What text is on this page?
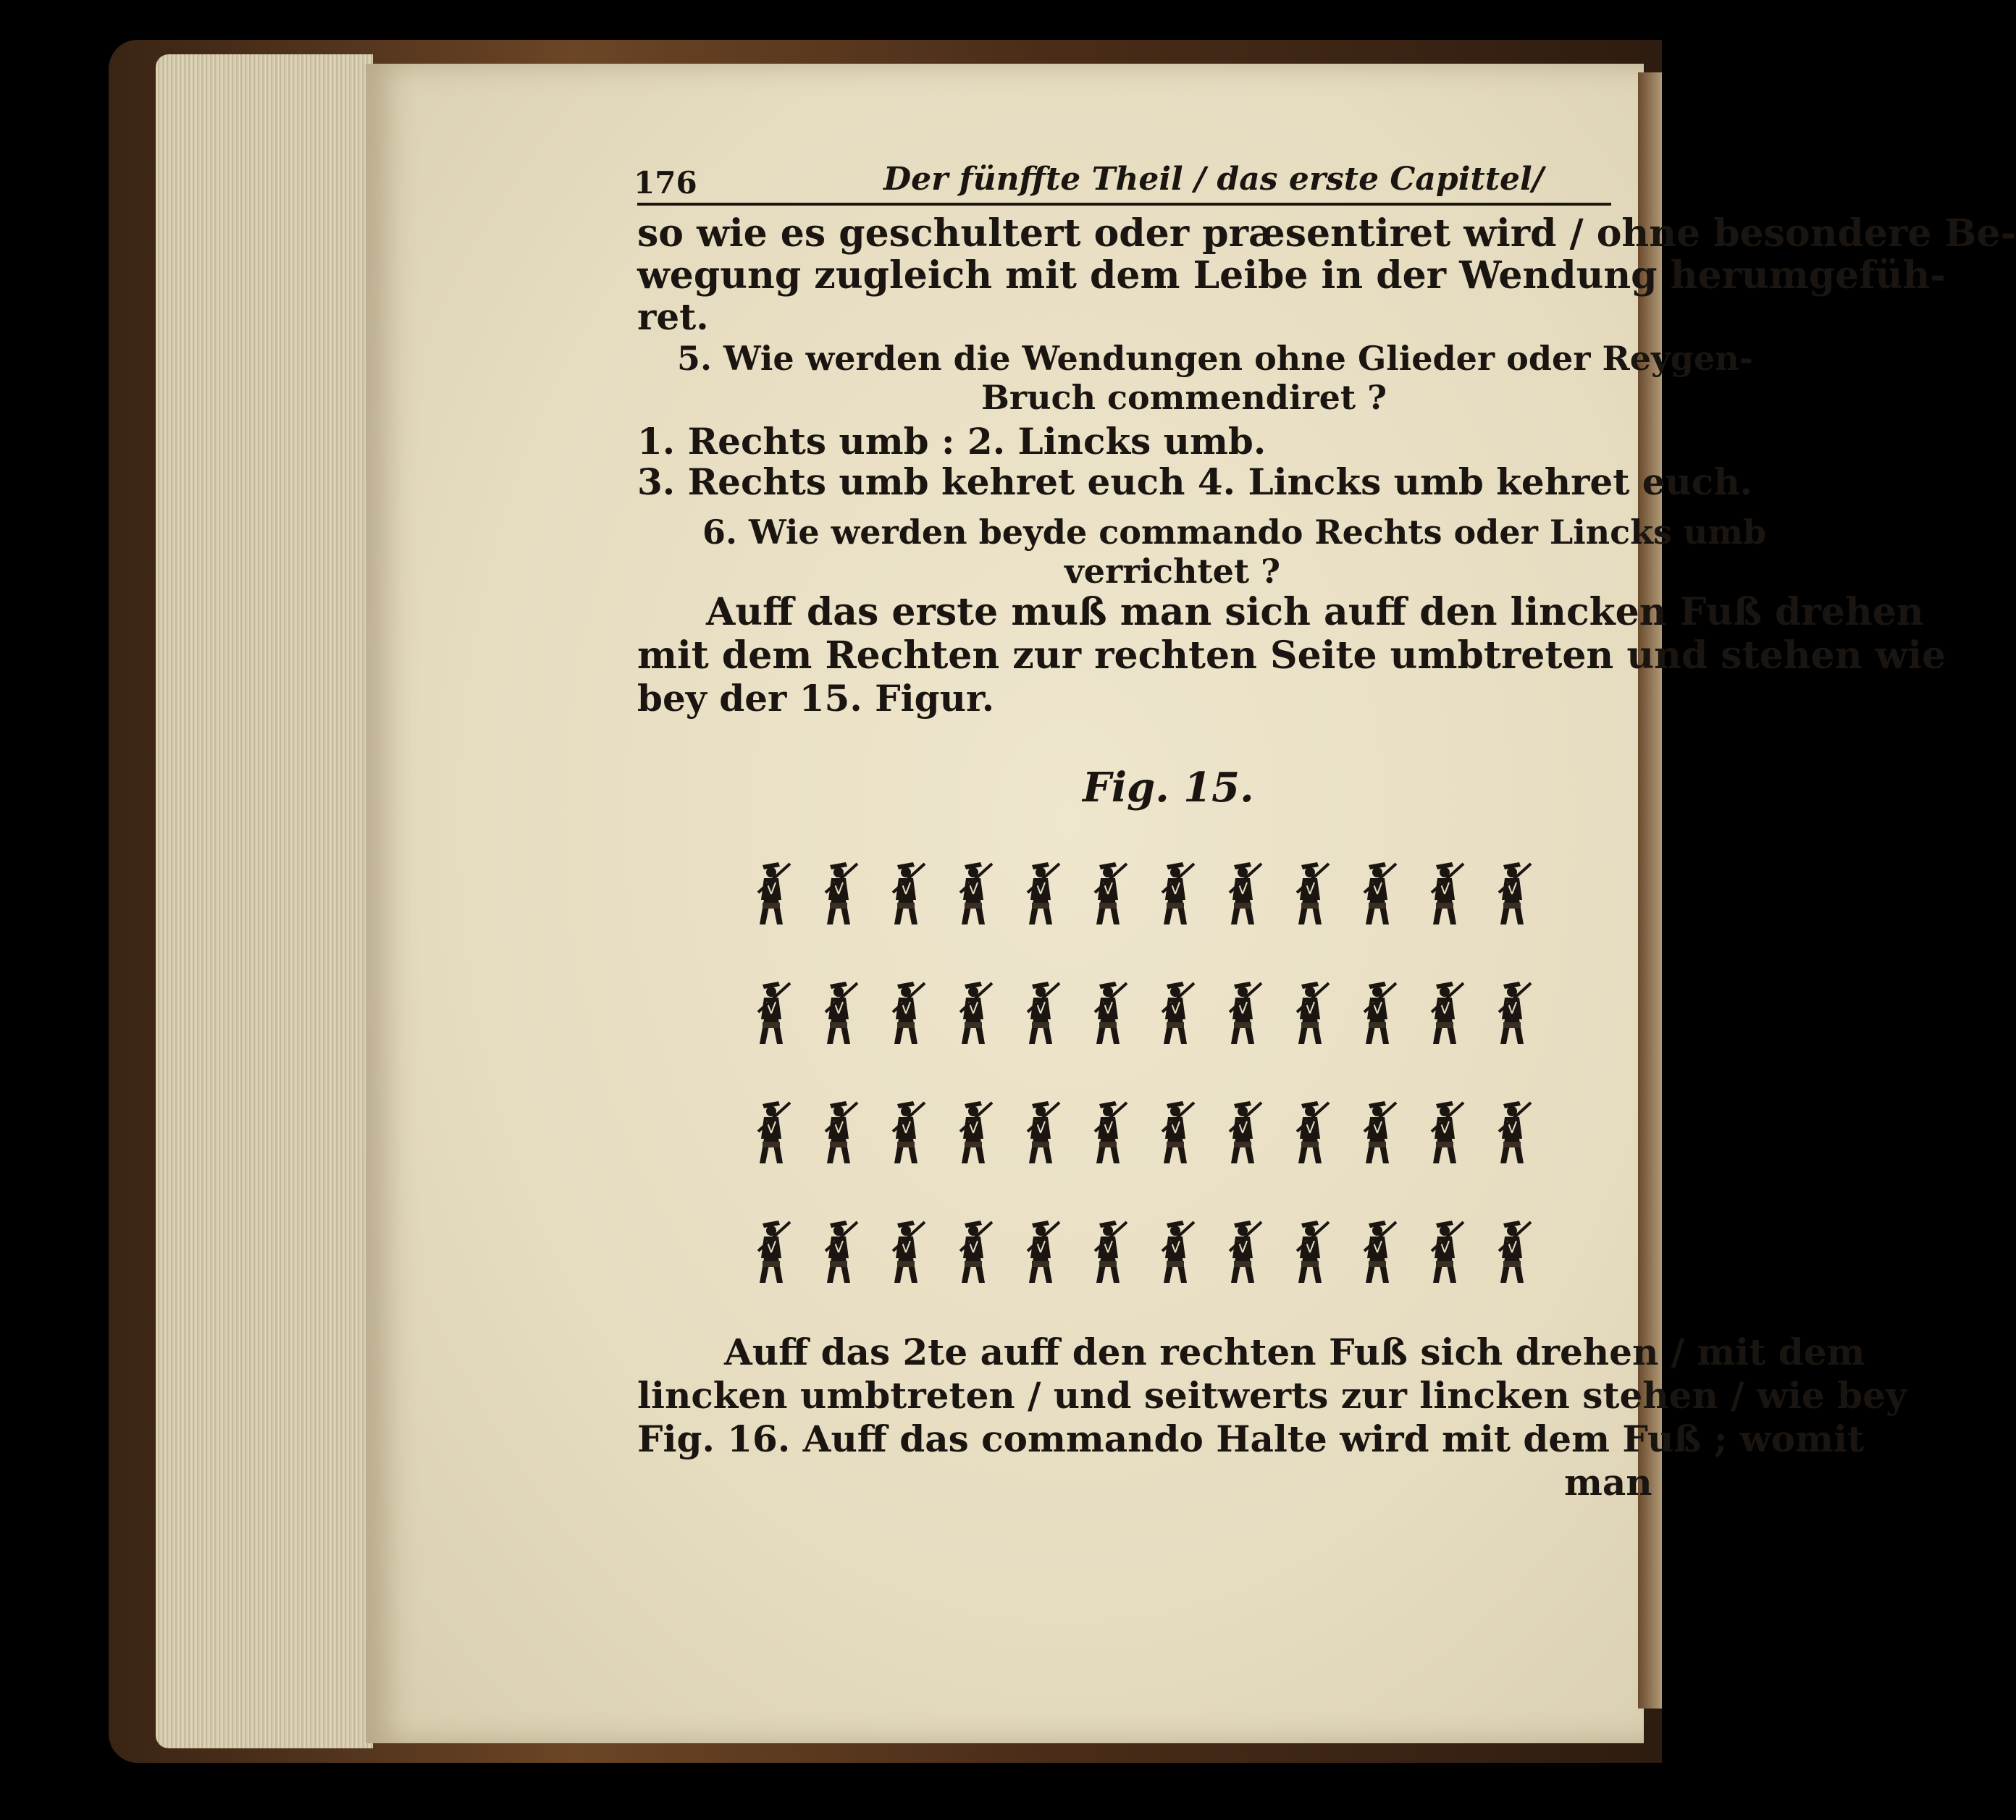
176	Der fünffte Theil / das erste Capittel/
so wie es geschultert oder præsentiret wird / ohne besondere Be-
wegung zugleich mit dem Leibe in der Wendung herumgefüh-
ret.
5. Wie werden die Wendungen ohne Glieder oder Reygen-
Bruch commendiret ?
1. Rechts umb : 2. Lincks umb.
3. Rechts umb kehret euch 4. Lincks umb kehret euch.
6. Wie werden beyde commando Rechts oder Lincks umb
verrichtet ?
Auff das erste muß man sich auff den lincken Fuß drehen
mit dem Rechten zur rechten Seite umbtreten und stehen wie
bey der 15. Figur.
Fig. 15.
Auff das 2te auff den rechten Fuß sich drehen / mit dem
lincken umbtreten / und seitwerts zur lincken stehen / wie bey
Fig. 16. Auff das commando Halte wird mit dem Fuß ; womit
man
